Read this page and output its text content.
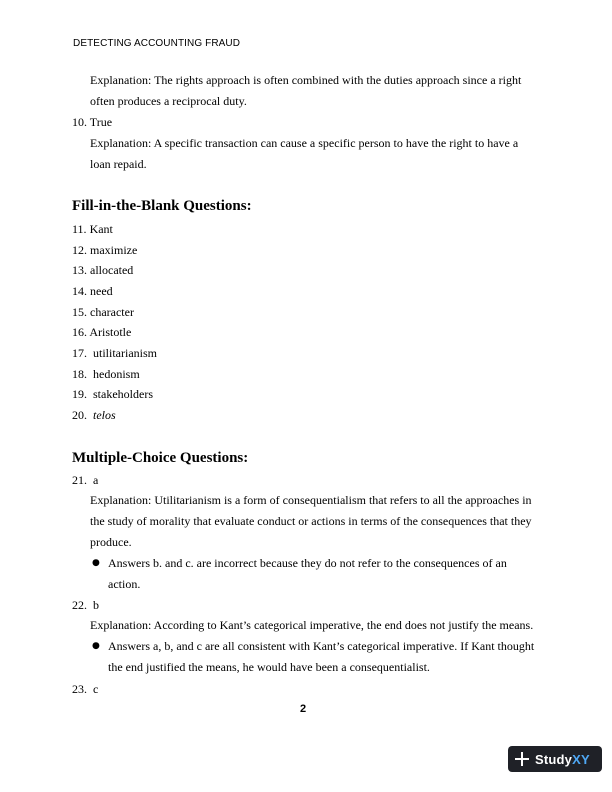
DETECTING ACCOUNTING FRAUD
Explanation: The rights approach is often combined with the duties approach since a right
often produces a reciprocal duty.
10. True
Explanation: A specific transaction can cause a specific person to have the right to have a
loan repaid.
Fill-in-the-Blank Questions:
11. Kant
12. maximize
13. allocated
14. need
15. character
16. Aristotle
17.  utilitarianism
18.  hedonism
19.  stakeholders
20.  telos
Multiple-Choice Questions:
21.  a
Explanation: Utilitarianism is a form of consequentialism that refers to all the approaches in
the study of morality that evaluate conduct or actions in terms of the consequences that they
produce.
● Answers b. and c. are incorrect because they do not refer to the consequences of an
action.
22.  b
Explanation: According to Kant’s categorical imperative, the end does not justify the means.
● Answers a, b, and c are all consistent with Kant’s categorical imperative. If Kant thought
the end justified the means, he would have been a consequentialist.
23.  c
2
StudyXY
